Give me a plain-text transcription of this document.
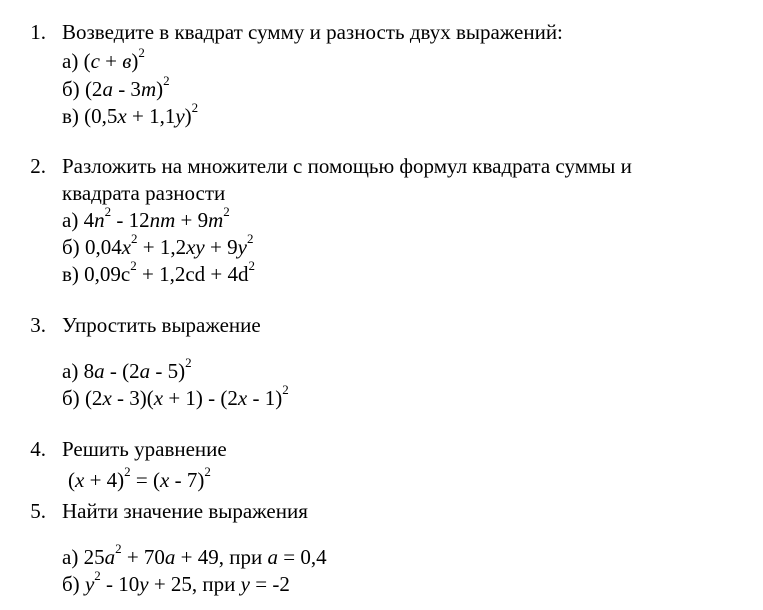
1. Возведите в квадрат сумму и разность двух выражений:
а) $(с + в)^2$
б) (2а - 3m)$^2$
в) $(0,5x + 1,1y)^2$
2. Разложить на множители с помощью формул квадрата суммы и
квадрата разности
а) $4n^2 - 12nm + 9m^2$
б) $0,04x^2 + 1,2xy + 9y^2$
в) $0,09c^2 + 1,2cd + 4d^2$
3. Упростить выражение
а) 8a - (2a - 5)$^2$
б) (2x - 3)(x + 1) - (2x - 1)$^2$
4. Решить уравнение
$(x + 4)^2 = (x - 7)^2$
5. Найти значение выражения
а) $25a^2 + 70a + 49$, при a = 0,4
б) $y^2 - 10y + 25$, при y = -2
